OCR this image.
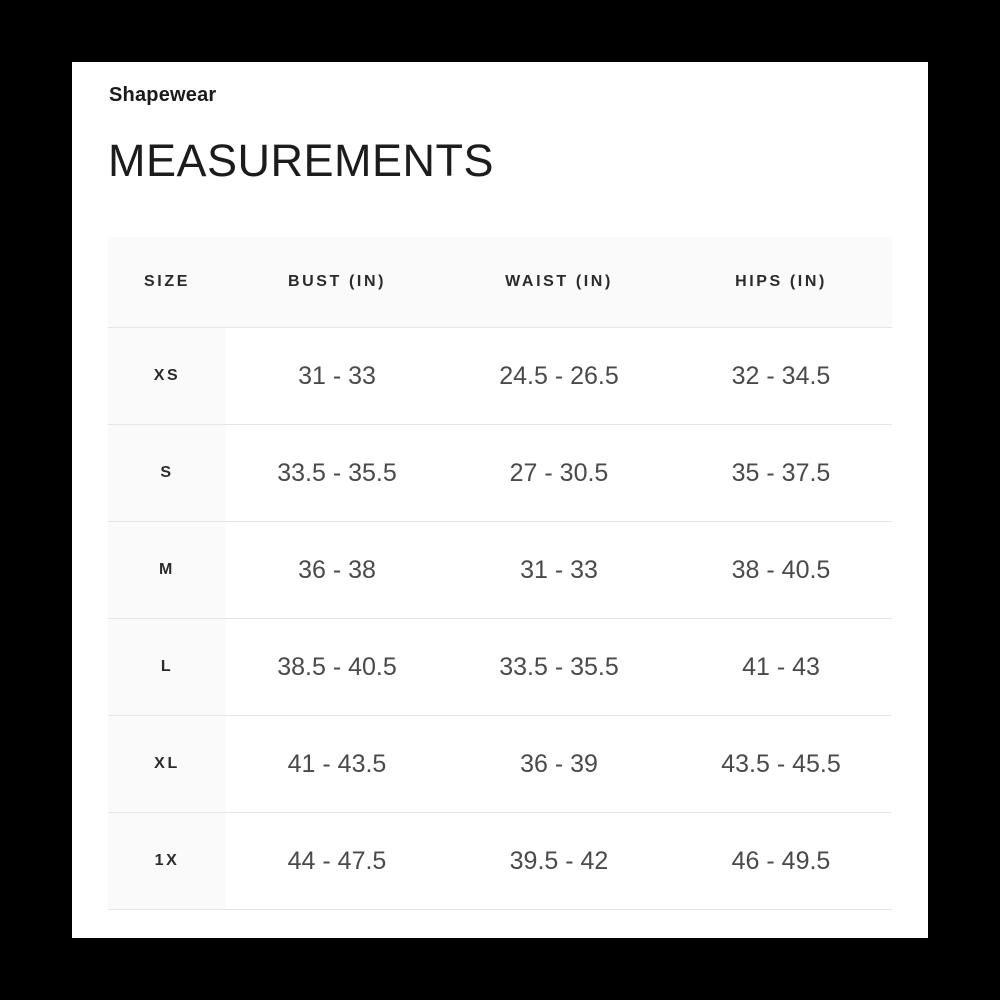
Shapewear
MEASUREMENTS
SIZE	BUST (IN)	WAIST (IN)	HIPS (IN)
XS	31 - 33	24.5 - 26.5	32 - 34.5
S	33.5 - 35.5	27 - 30.5	35 - 37.5
M	36 - 38	31 - 33	38 - 40.5
L	38.5 - 40.5	33.5 - 35.5	41 - 43
XL	41 - 43.5	36 - 39	43.5 - 45.5
1X	44 - 47.5	39.5 - 42	46 - 49.5
